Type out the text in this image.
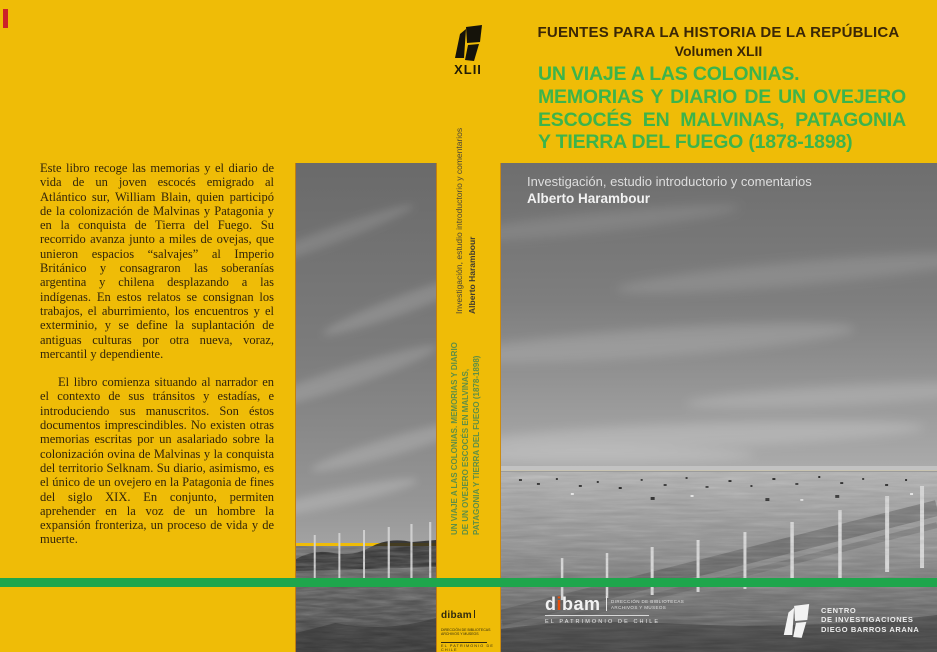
Este libro recoge las memorias y el diario de vida de un joven escocés emigrado al Atlántico sur, William Blain, quien participó de la colonización de Malvinas y Patagonia y en la conquista de Tierra del Fuego. Su recorrido avanza junto a miles de ovejas, que unieron espacios “salvajes” al Imperio Británico y consagraron las soberanías argentina y chilena desplazando a las indígenas. En estos relatos se consignan los trabajos, el aburrimiento, los encuentros y el exterminio, y se define la suplantación de antiguas culturas por otra nueva, voraz, mercantil y dependiente.

El libro comienza situando al narrador en el contexto de sus tránsitos y estadías, e introduciendo sus manuscritos. Son éstos documentos imprescindibles. No existen otras memorias escritas por un asalariado sobre la colonización ovina de Malvinas y la conquista del territorio Selknam. Su diario, asimismo, es el único de un ovejero en la Patagonia de fines del siglo XIX. En conjunto, permiten aprehender en la voz de un hombre la expansión fronteriza, un proceso de vida y de muerte.

XLII
Investigación, estudio introductorio y comentarios Alberto Harambour
UN VIAJE A LAS COLONIAS. MEMORIAS Y DIARIO DE UN OVEJERO ESCOCÉS EN MALVINAS, PATAGONIA Y TIERRA DEL FUEGO (1878-1898)
dibamDIRECCIÓN DE BIBLIOTECAS
ARCHIVOS Y MUSEOS
EL PATRIMONIO DE CHILE
FUENTES PARA LA HISTORIA DE LA REPÚBLICA
Volumen XLII
UN VIAJE A LAS COLONIAS.
MEMORIAS Y DIARIO DE UN OVEJERO
ESCOCÉS EN MALVINAS, PATAGONIA
Y TIERRA DEL FUEGO (1878-1898)
Investigación, estudio introductorio y comentarios
Alberto Harambour
dibam DIRECCIÓN DE BIBLIOTECAS
ARCHIVOS Y MUSEOS
EL PATRIMONIO DE CHILE
CENTRO
DE INVESTIGACIONES
DIEGO BARROS ARANA
